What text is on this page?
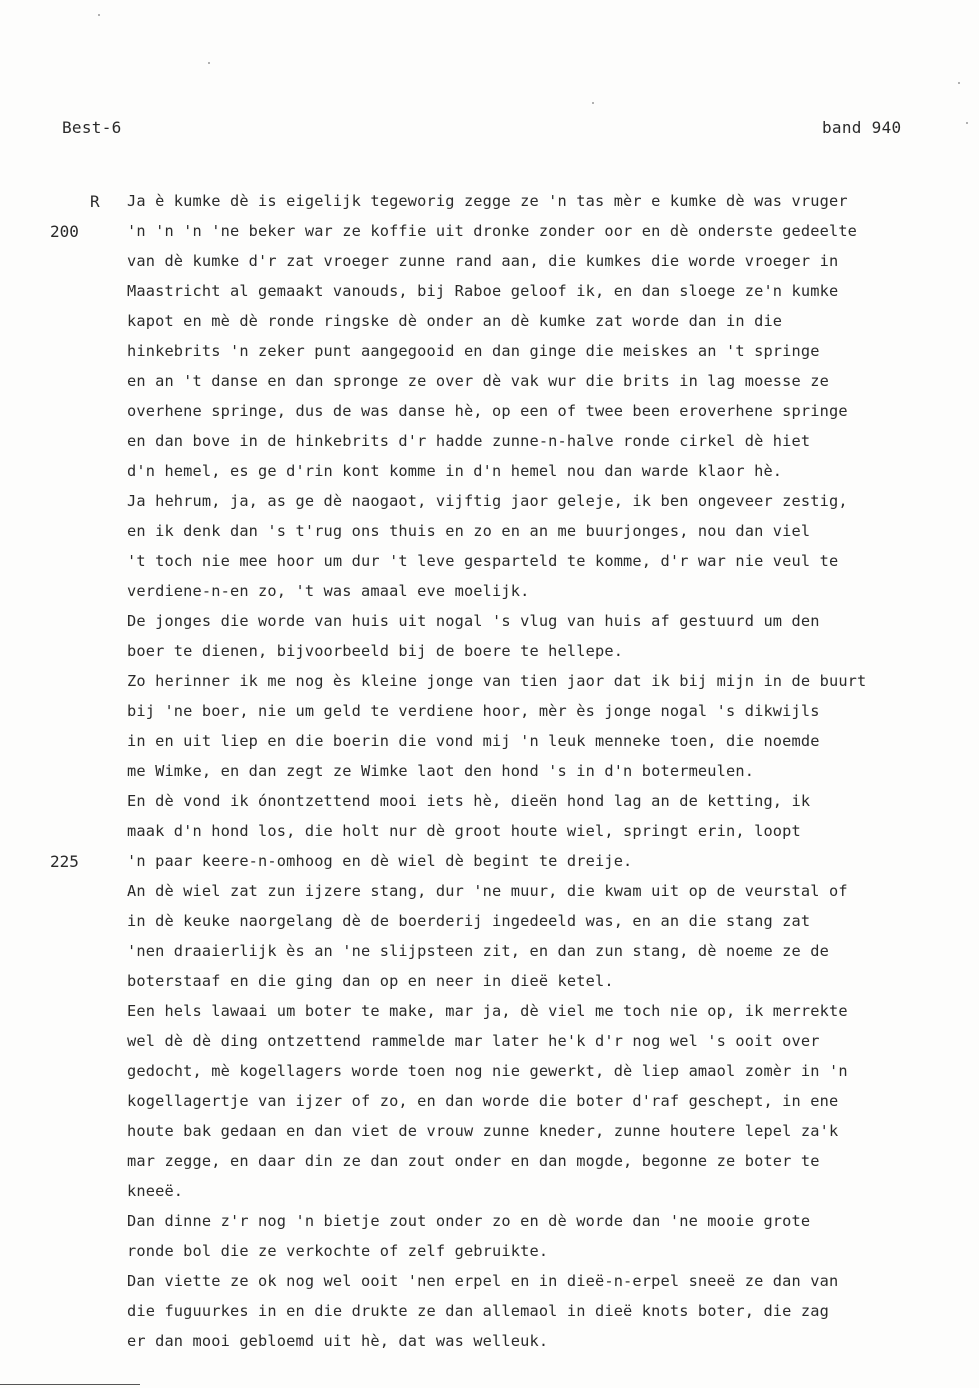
Best-6	band 940
R
200
225
Ja è kumke dè is eigelijk tegeworig zegge ze 'n tas mèr e kumke dè was vruger
'n 'n 'n 'ne beker war ze koffie uit dronke zonder oor en dè onderste gedeelte
van dè kumke d'r zat vroeger zunne rand aan, die kumkes die worde vroeger in
Maastricht al gemaakt vanouds, bij Raboe geloof ik, en dan sloege ze'n kumke
kapot en mè dè ronde ringske dè onder an dè kumke zat worde dan in die
hinkebrits 'n zeker punt aangegooid en dan ginge die meiskes an 't springe
en an 't danse en dan spronge ze over dè vak wur die brits in lag moesse ze
overhene springe, dus de was danse hè, op een of twee been eroverhene springe
en dan bove in de hinkebrits d'r hadde zunne-n-halve ronde cirkel dè hiet
d'n hemel, es ge d'rin kont komme in d'n hemel nou dan warde klaor hè.
Ja hehrum, ja, as ge dè naogaot, vijftig jaor geleje, ik ben ongeveer zestig,
en ik denk dan 's t'rug ons thuis en zo en an me buurjonges, nou dan viel
't toch nie mee hoor um dur 't leve gesparteld te komme, d'r war nie veul te
verdiene-n-en zo, 't was amaal eve moelijk.
De jonges die worde van huis uit nogal 's vlug van huis af gestuurd um den
boer te dienen, bijvoorbeeld bij de boere te hellepe.
Zo herinner ik me nog ès kleine jonge van tien jaor dat ik bij mijn in de buurt
bij 'ne boer, nie um geld te verdiene hoor, mèr ès jonge nogal 's dikwijls
in en uit liep en die boerin die vond mij 'n leuk menneke toen, die noemde
me Wimke, en dan zegt ze Wimke laot den hond 's in d'n botermeulen.
En dè vond ik ónontzettend mooi iets hè, dieën hond lag an de ketting, ik
maak d'n hond los, die holt nur dè groot houte wiel, springt erin, loopt
'n paar keere-n-omhoog en dè wiel dè begint te dreije.
An dè wiel zat zun ijzere stang, dur 'ne muur, die kwam uit op de veurstal of
in dè keuke naorgelang dè de boerderij ingedeeld was, en an die stang zat
'nen draaierlijk ès an 'ne slijpsteen zit, en dan zun stang, dè noeme ze de
boterstaaf en die ging dan op en neer in dieë ketel.
Een hels lawaai um boter te make, mar ja, dè viel me toch nie op, ik merrekte
wel dè dè ding ontzettend rammelde mar later he'k d'r nog wel 's ooit over
gedocht, mè kogellagers worde toen nog nie gewerkt, dè liep amaol zomèr in 'n
kogellagertje van ijzer of zo, en dan worde die boter d'raf geschept, in ene
houte bak gedaan en dan viet de vrouw zunne kneder, zunne houtere lepel za'k
mar zegge, en daar din ze dan zout onder en dan mogde, begonne ze boter te
kneeë.
Dan dinne z'r nog 'n bietje zout onder zo en dè worde dan 'ne mooie grote
ronde bol die ze verkochte of zelf gebruikte.
Dan viette ze ok nog wel ooit 'nen erpel en in dieë-n-erpel sneeë ze dan van
die fuguurkes in en die drukte ze dan allemaol in dieë knots boter, die zag
er dan mooi gebloemd uit hè, dat was welleuk.
